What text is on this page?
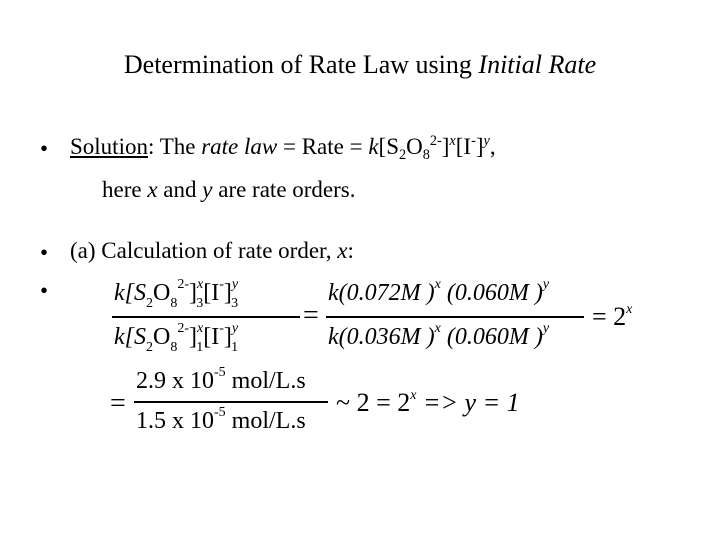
Determination of Rate Law using Initial Rate
• Solution: The rate law = Rate = $k[S_2O_8^{2-}]^x[I^-]^y$,
here x and y are rate orders.
• (a) Calculation of rate order, x:
•	$k[S_2O_8^{2-}]^x_3[I^-]^y_3$
$k[S_2O_8^{2-}]^x_1[I^-]^y_1$
=
k(0.072M )$^x$ (0.060M )$^y$
k(0.036M )$^x$ (0.060M )$^y = 2^x$
=
2.9 x $10^{-5}$ mol/L.s
1.5 x $10^{-5}$ mol/L.s
~ $2 = 2^x => y = 1$
